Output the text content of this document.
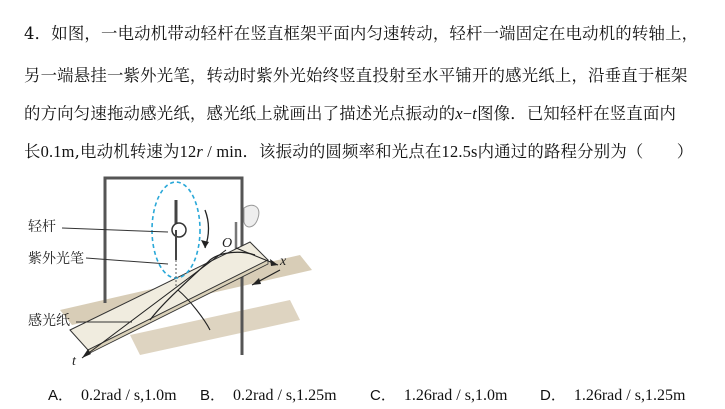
4．如图，一电动机带动轻杆在竖直框架平面内匀速转动，轻杆一端固定在电动机的转轴上，
另一端悬挂一紫外光笔，转动时紫外光始终竖直投射至水平铺开的感光纸上，沿垂直于框架
的方向匀速拖动感光纸，感光纸上就画出了描述光点振动的x−t图像．已知轻杆在竖直面内
长0.1m,电动机转速为12r / min．该振动的圆频率和光点在12.5s内通过的路程分别为（　　）
轻杆
紫外光笔
感光纸
O
x
t
A． 0.2rad / s,1.0m B． 0.2rad / s,1.25m C． 1.26rad / s,1.0m D． 1.26rad / s,1.25m
